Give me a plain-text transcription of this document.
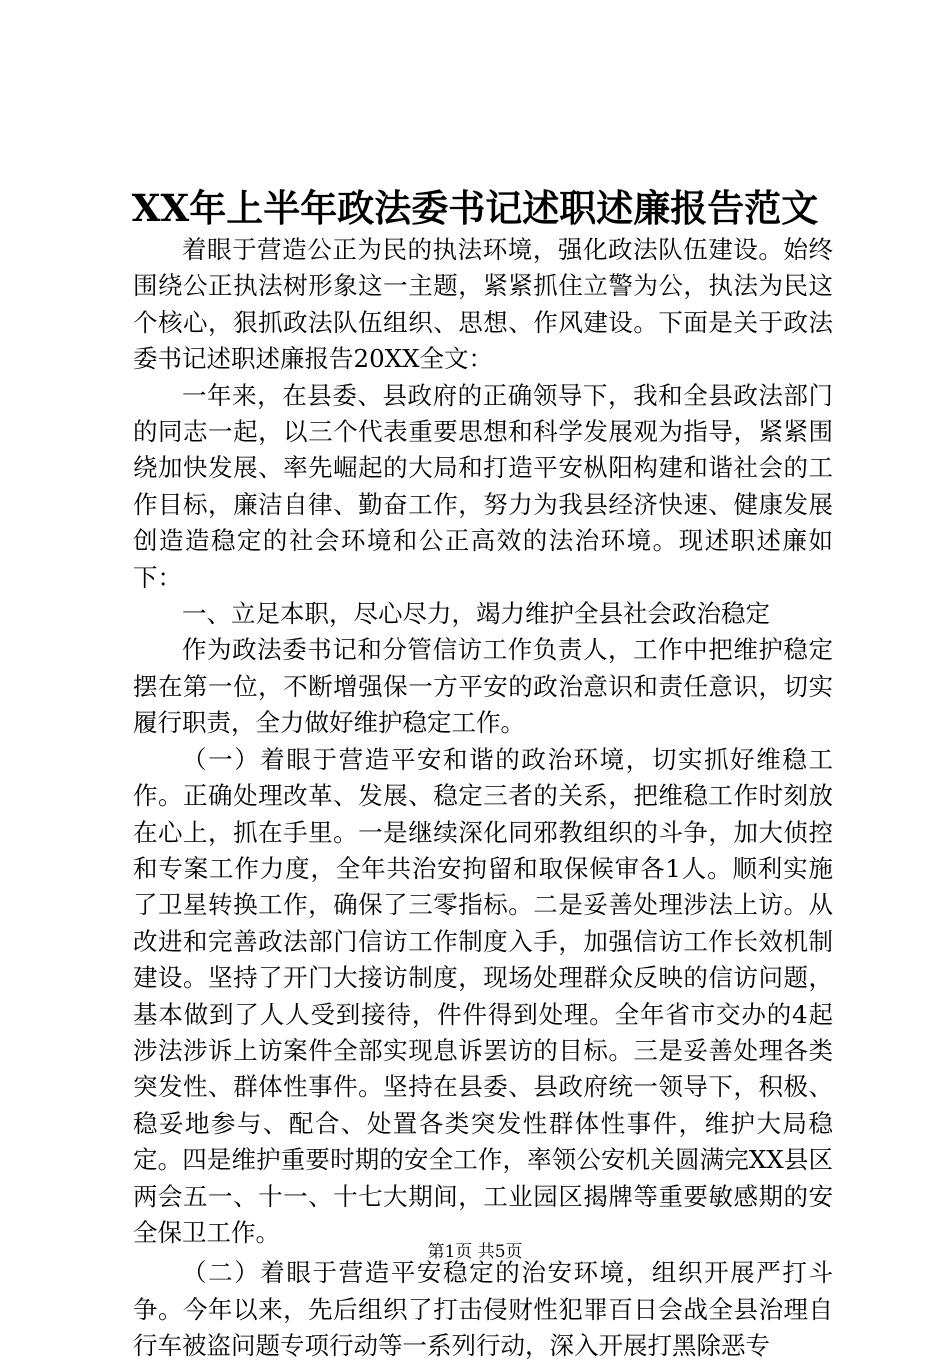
XX年上半年政法委书记述职述廉报告范文

着眼于营造公正为民的执法环境，强化政法队伍建设。始终围绕公正执法树形象这一主题，紧紧抓住立警为公，执法为民这个核心，狠抓政法队伍组织、思想、作风建设。下面是关于政法委书记述职述廉报告20XX全文：

一年来，在县委、县政府的正确领导下，我和全县政法部门的同志一起，以三个代表重要思想和科学发展观为指导，紧紧围绕加快发展、率先崛起的大局和打造平安枞阳构建和谐社会的工作目标，廉洁自律、勤奋工作，努力为我县经济快速、健康发展创造造稳定的社会环境和公正高效的法治环境。现述职述廉如下：

一、立足本职，尽心尽力，竭力维护全县社会政治稳定

作为政法委书记和分管信访工作负责人，工作中把维护稳定摆在第一位，不断增强保一方平安的政治意识和责任意识，切实履行职责，全力做好维护稳定工作。

（一）着眼于营造平安和谐的政治环境，切实抓好维稳工作。正确处理改革、发展、稳定三者的关系，把维稳工作时刻放在心上，抓在手里。一是继续深化同邪教组织的斗争，加大侦控和专案工作力度，全年共治安拘留和取保候审各1人。顺利实施了卫星转换工作，确保了三零指标。二是妥善处理涉法上访。从改进和完善政法部门信访工作制度入手，加强信访工作长效机制建设。坚持了开门大接访制度，现场处理群众反映的信访问题，基本做到了人人受到接待，件件得到处理。全年省市交办的4起涉法涉诉上访案件全部实现息诉罢访的目标。三是妥善处理各类突发性、群体性事件。坚持在县委、县政府统一领导下，积极、稳妥地参与、配合、处置各类突发性群体性事件，维护大局稳定。四是维护重要时期的安全工作，率领公安机关圆满完XX县区两会五一、十一、十七大期间，工业园区揭牌等重要敏感期的安全保卫工作。

（二）着眼于营造平安稳定的治安环境，组织开展严打斗争。今年以来，先后组织了打击侵财性犯罪百日会战全县治理自行车被盗问题专项行动等一系列行动，深入开展打黑除恶专

第1页 共5页
